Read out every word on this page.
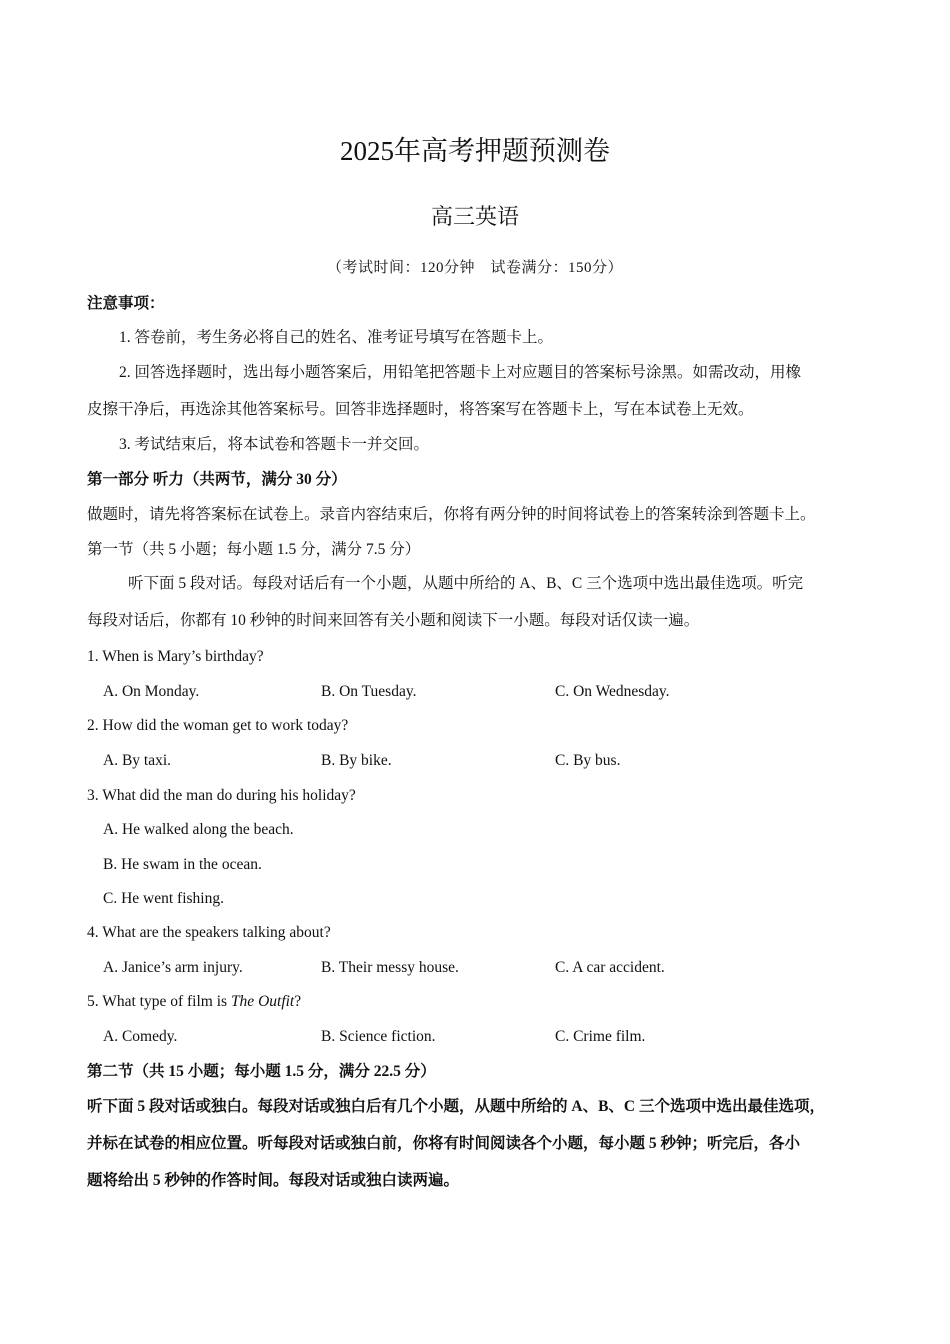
2025年高考押题预测卷
高三英语
（考试时间：120分钟　试卷满分：150分）
注意事项：
1. 答卷前，考生务必将自己的姓名、准考证号填写在答题卡上。
2. 回答选择题时，选出每小题答案后，用铅笔把答题卡上对应题目的答案标号涂黑。如需改动，用橡
皮擦干净后，再选涂其他答案标号。回答非选择题时，将答案写在答题卡上，写在本试卷上无效。
3. 考试结束后，将本试卷和答题卡一并交回。
第一部分 听力（共两节，满分 30 分）
做题时，请先将答案标在试卷上。录音内容结束后，你将有两分钟的时间将试卷上的答案转涂到答题卡上。
第一节（共 5 小题；每小题 1.5 分，满分 7.5 分）
听下面 5 段对话。每段对话后有一个小题，从题中所给的 A、B、C 三个选项中选出最佳选项。听完
每段对话后，你都有 10 秒钟的时间来回答有关小题和阅读下一小题。每段对话仅读一遍。
1. When is Mary’s birthday?
A. On Monday.	B. On Tuesday.	C. On Wednesday.
2. How did the woman get to work today?
A. By taxi.	B. By bike.	C. By bus.
3. What did the man do during his holiday?
A. He walked along the beach.
B. He swam in the ocean.
C. He went fishing.
4. What are the speakers talking about?
A. Janice’s arm injury.	B. Their messy house.	C. A car accident.
5. What type of film is The Outfit?
A. Comedy.	B. Science fiction.	C. Crime film.
第二节（共 15 小题；每小题 1.5 分，满分 22.5 分）
听下面 5 段对话或独白。每段对话或独白后有几个小题，从题中所给的 A、B、C 三个选项中选出最佳选项，
并标在试卷的相应位置。听每段对话或独白前，你将有时间阅读各个小题，每小题 5 秒钟；听完后，各小
题将给出 5 秒钟的作答时间。每段对话或独白读两遍。
